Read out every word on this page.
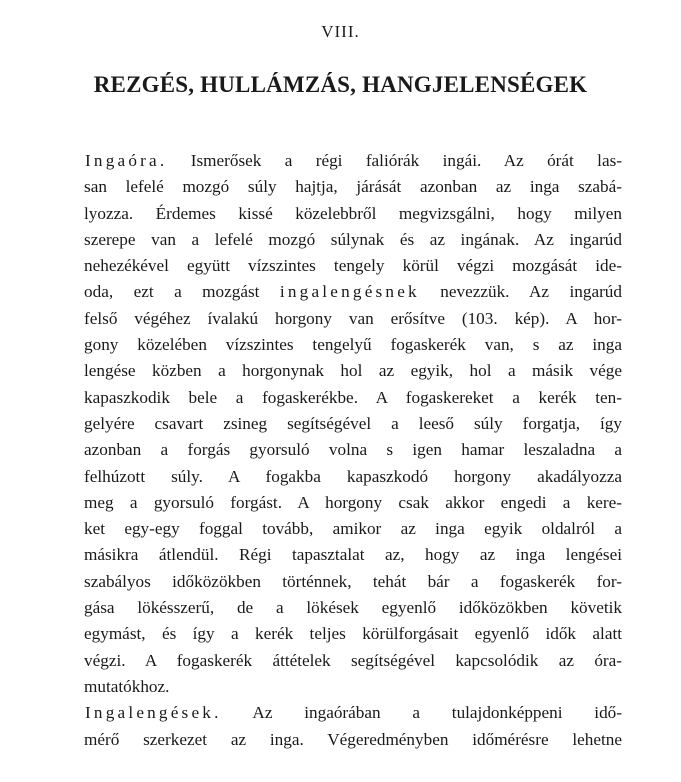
VIII.
REZGÉS, HULLÁMZÁS, HANGJELENSÉGEK
Ingaóra. Ismerősek a régi faliórák ingái. Az órát las-
san lefelé mozgó súly hajtja, járását azonban az inga szabá-
lyozza. Érdemes kissé közelebbről megvizsgálni, hogy milyen
szerepe van a lefelé mozgó súlynak és az ingának. Az ingarúd
nehezékével együtt vízszintes tengely körül végzi mozgását ide-
oda, ezt a mozgást ingalengésnek nevezzük. Az ingarúd
felső végéhez ívalakú horgony van erősítve (103. kép). A hor-
gony közelében vízszintes tengelyű fogaskerék van, s az inga
lengése közben a horgonynak hol az egyik, hol a másik vége
kapaszkodik bele a fogaskerékbe. A fogaskereket a kerék ten-
gelyére csavart zsineg segítségével a leeső súly forgatja, így
azonban a forgás gyorsuló volna s igen hamar leszaladna a
felhúzott súly. A fogakba kapaszkodó horgony akadályozza
meg a gyorsuló forgást. A horgony csak akkor engedi a kere-
ket egy-egy foggal tovább, amikor az inga egyik oldalról a
másikra átlendül. Régi tapasztalat az, hogy az inga lengései
szabályos időközökben történnek, tehát bár a fogaskerék for-
gása lökésszerű, de a lökések egyenlő időközökben követik
egymást, és így a kerék teljes körülforgásait egyenlő idők alatt
végzi. A fogaskerék áttételek segítségével kapcsolódik az óra-
mutatókhoz.
Ingalengések. Az ingaórában a tulajdonképpeni idő-
mérő szerkezet az inga. Végeredményben időmérésre lehetne
